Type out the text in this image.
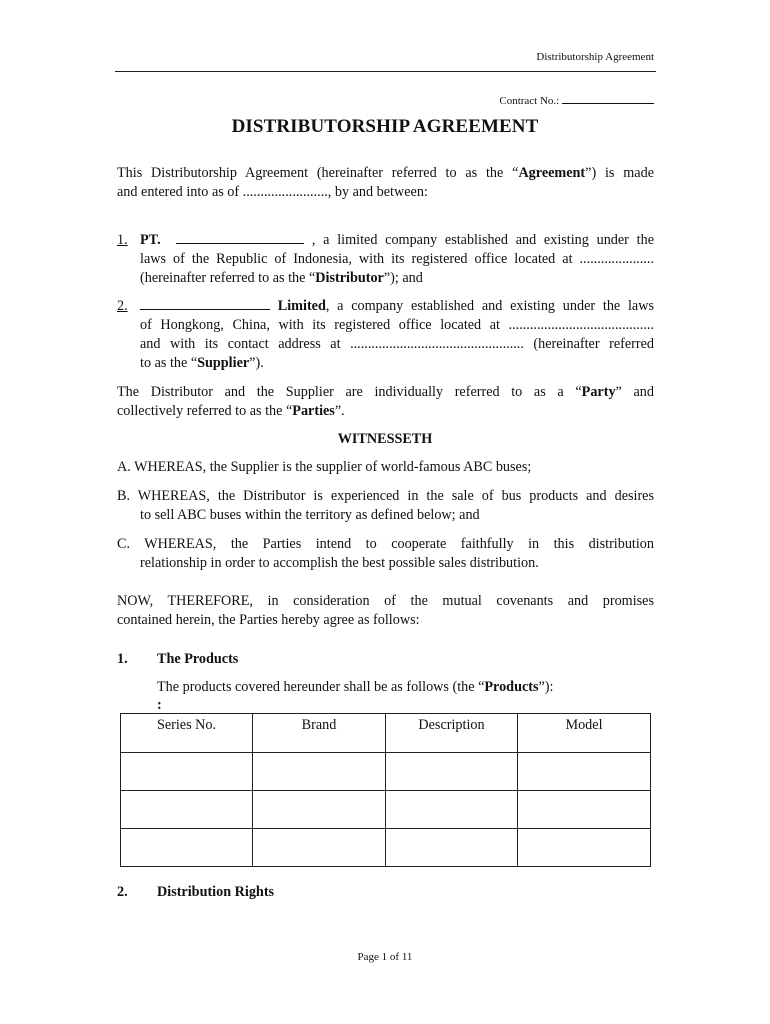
Distributorship Agreement
Contract No.:
DISTRIBUTORSHIP AGREEMENT
This Distributorship Agreement (hereinafter referred to as the “Agreement”) is made
and entered into as of ........................, by and between:
1. PT.	, a limited company established and existing under the
laws of the Republic of Indonesia, with its registered office located at .....................
(hereinafter referred to as the “Distributor”); and
2.	Limited, a company established and existing under the laws
of Hongkong, China, with its registered office located at .........................................
and with its contact address at ................................................. (hereinafter referred
to as the “Supplier”).
The Distributor and the Supplier are individually referred to as a “Party” and
collectively referred to as the “Parties”.
WITNESSETH
A. WHEREAS, the Supplier is the supplier of world-famous ABC buses;
B. WHEREAS, the Distributor is experienced in the sale of bus products and desires
to sell ABC buses within the territory as defined below; and
C. WHEREAS, the Parties intend to cooperate faithfully in this distribution
relationship in order to accomplish the best possible sales distribution.
NOW, THEREFORE, in consideration of the mutual covenants and promises
contained herein, the Parties hereby agree as follows:
1. The Products
The products covered hereunder shall be as follows (the “Products”):
:
Series No.	Brand	Description	Model

2. Distribution Rights
Page 1 of 11
